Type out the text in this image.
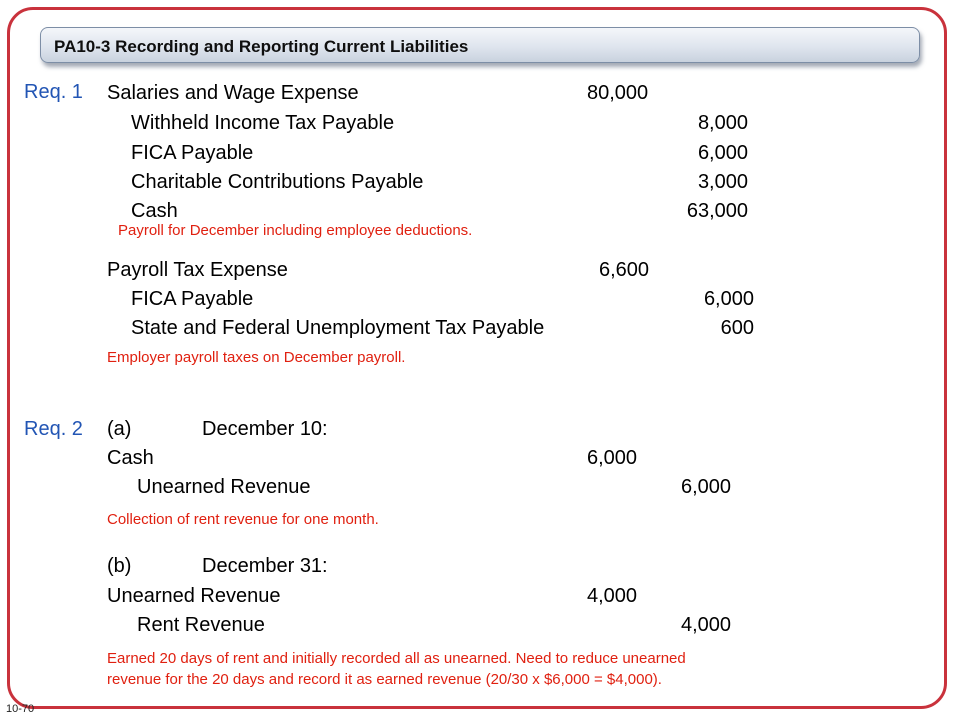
PA10-3 Recording and Reporting Current Liabilities
Req. 1 Salaries and Wage Expense	80,000
Withheld Income Tax Payable	8,000
FICA Payable	6,000
Charitable Contributions Payable	3,000
Cash	63,000
Payroll for December including employee deductions.
Payroll Tax Expense	6,600
FICA Payable	6,000
State and Federal Unemployment Tax Payable	600
Employer payroll taxes on December payroll.
Req. 2 (a)	December 10:
Cash	6,000
Unearned Revenue	6,000
Collection of rent revenue for one month.
(b)	December 31:
Unearned Revenue	4,000
Rent Revenue	4,000
Earned 20 days of rent and initially recorded all as unearned. Need to reduce unearned
revenue for the 20 days and record it as earned revenue (20/30 x $6,000 = $4,000).
10-70
